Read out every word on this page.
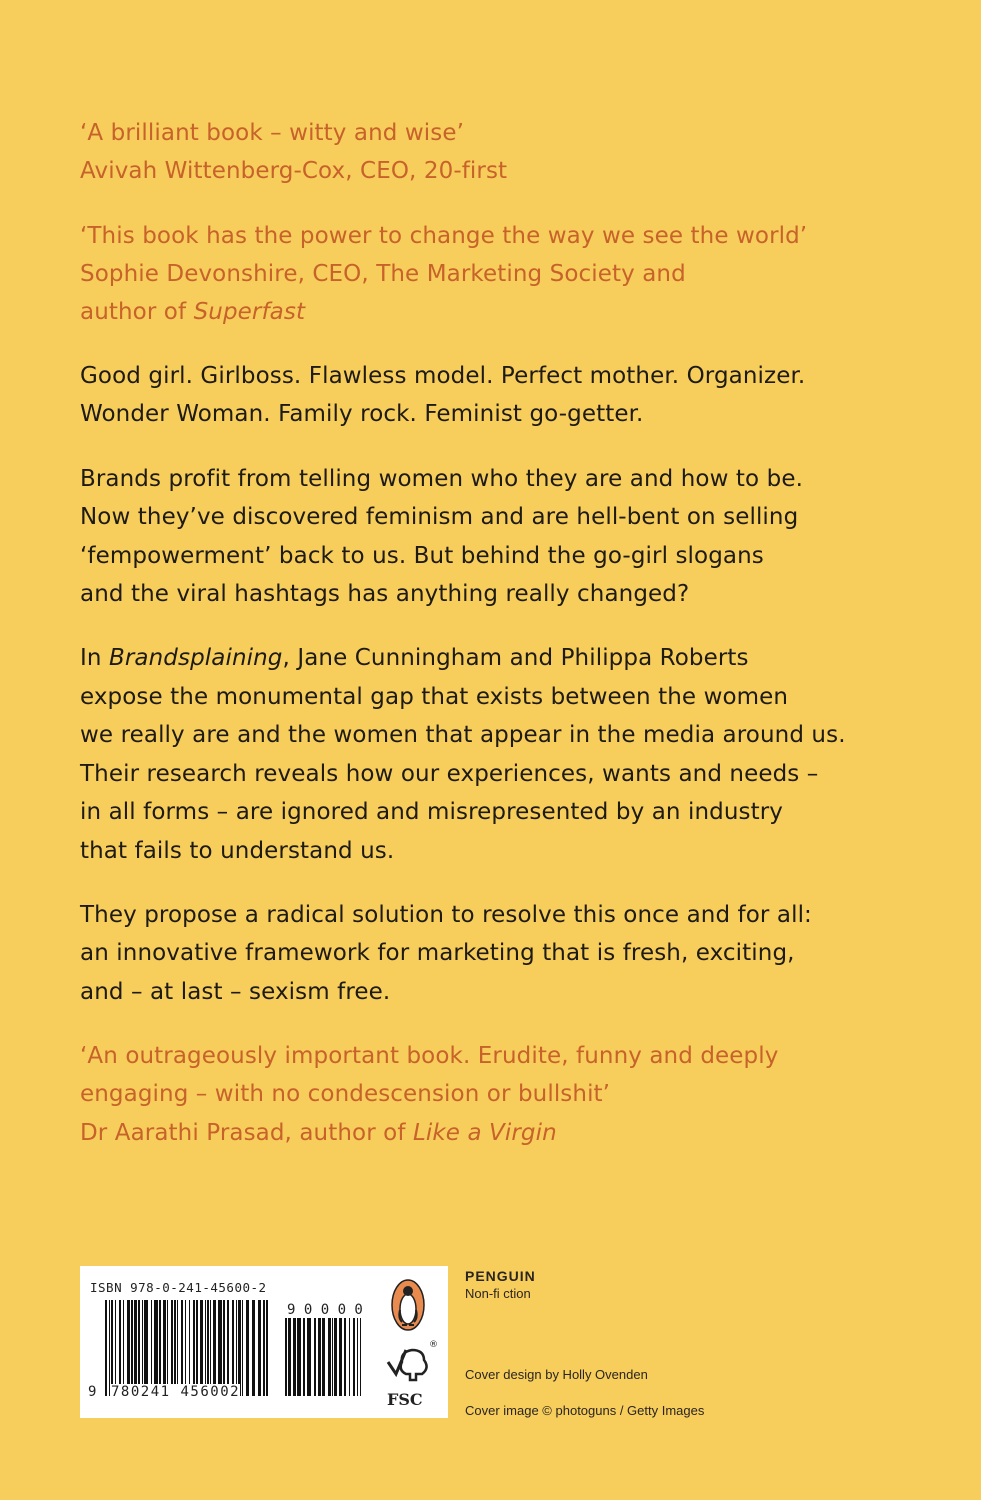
‘A brilliant book – witty and wise’
Avivah Wittenberg-Cox, CEO, 20-first
‘This book has the power to change the way we see the world’
Sophie Devonshire, CEO, The Marketing Society and
author of Superfast
Good girl. Girlboss. Flawless model. Perfect mother. Organizer.
Wonder Woman. Family rock. Feminist go-getter.
Brands profit from telling women who they are and how to be.
Now they’ve discovered feminism and are hell-bent on selling
‘fempowerment’ back to us. But behind the go-girl slogans
and the viral hashtags has anything really changed?
In Brandsplaining, Jane Cunningham and Philippa Roberts
expose the monumental gap that exists between the women
we really are and the women that appear in the media around us.
Their research reveals how our experiences, wants and needs –
in all forms – are ignored and misrepresented by an industry
that fails to understand us.
They propose a radical solution to resolve this once and for all:
an innovative framework for marketing that is fresh, exciting,
and – at last – sexism free.
‘An outrageously important book. Erudite, funny and deeply
engaging – with no condescension or bullshit’
Dr Aarathi Prasad, author of Like a Virgin
ISBN 978-0-241-45600-2
9 0 0 0 0
9 780241 456002
®
FSC
PENGUIN
Non-fi ction
Cover design by Holly Ovenden
Cover image © photoguns / Getty Images
